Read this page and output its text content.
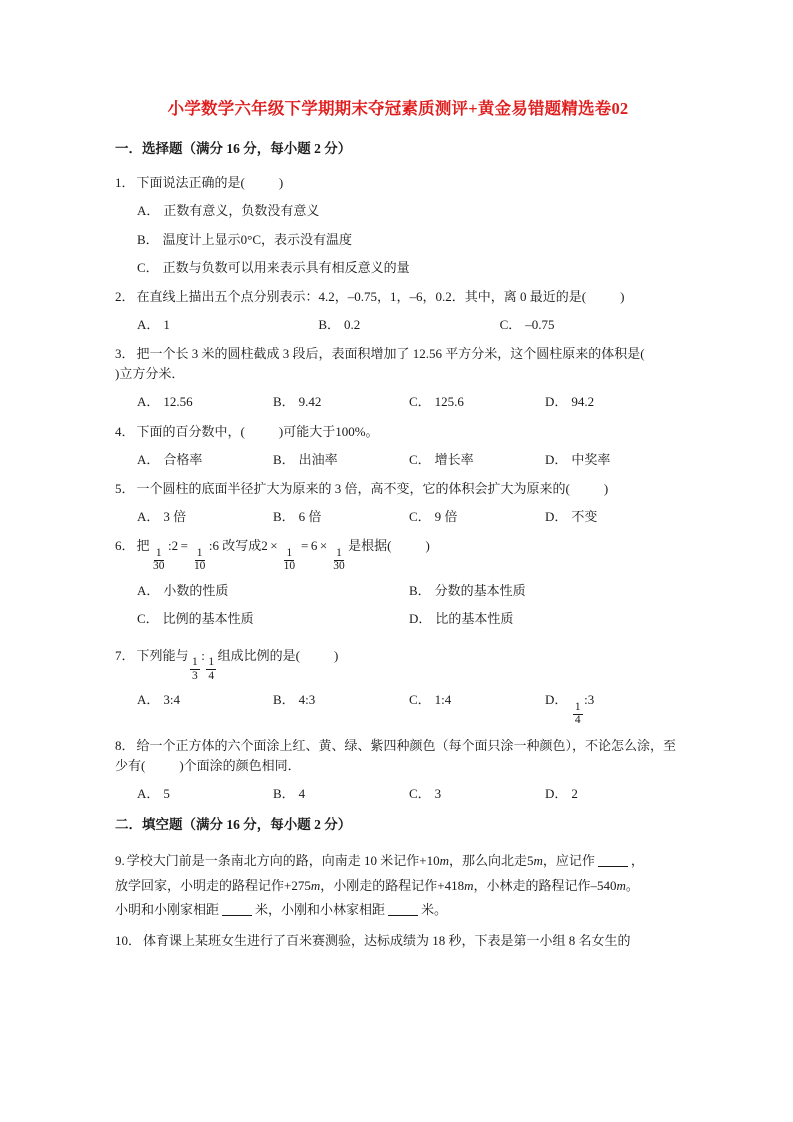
小学数学六年级下学期期末夺冠素质测评+黄金易错题精选卷02
一．选择题（满分 16 分，每小题 2 分）
1． 下面说法正确的是(	)
A． 正数有意义，负数没有意义
B． 温度计上显示0°C，表示没有温度
C． 正数与负数可以用来表示具有相反意义的量
2． 在直线上描出五个点分别表示：4.2，–0.75，1，–6，0.2．其中，离 0 最近的是(	)
A． 1	B． 0.2	C． –0.75
3． 把一个长 3 米的圆柱截成 3 段后，表面积增加了 12.56 平方分米，这个圆柱原来的体积是()立方分米．
A． 12.56	B． 9.42	C． 125.6	D． 94.2
4． 下面的百分数中，(	)可能大于100%。
A． 合格率	B． 出油率	C． 增长率	D． 中奖率
5． 一个圆柱的底面半径扩大为原来的 3 倍，高不变，它的体积会扩大为原来的(	)
A． 3 倍	B． 6 倍	C． 9 倍	D． 不变
6． 把
$\frac{1}{30}$
:2 =
$\frac{1}{10}$
:6 改写成2 ×
$\frac{1}{10}$
= 6 ×
$\frac{1}{30}$
是根据(	)
A． 小数的性质	B． 分数的基本性质
C． 比例的基本性质	D． 比的基本性质
7． 下列能与
$\frac{1}{3}$
:
$\frac{1}{4}$
组成比例的是(	)
A． 3:4	B． 4:3	C． 1:4	D．
$\frac{1}{4}$
:3
8． 给一个正方体的六个面涂上红、黄、绿、紫四种颜色（每个面只涂一种颜色），不论怎么涂，至少有(	)个面涂的颜色相同．
A． 5	B． 4	C． 3	D． 2
二．填空题（满分 16 分，每小题 2 分）
9. 学校大门前是一条南北方向的路，向南走 10 米记作+10m，那么向北走5m，应记作	，
放学回家，小明走的路程记作+275m，小刚走的路程记作+418m，小林走的路程记作–540m。
小明和小刚家相距	米，小刚和小林家相距	米。
10． 体育课上某班女生进行了百米赛测验，达标成绩为 18 秒，下表是第一小组 8 名女生的
